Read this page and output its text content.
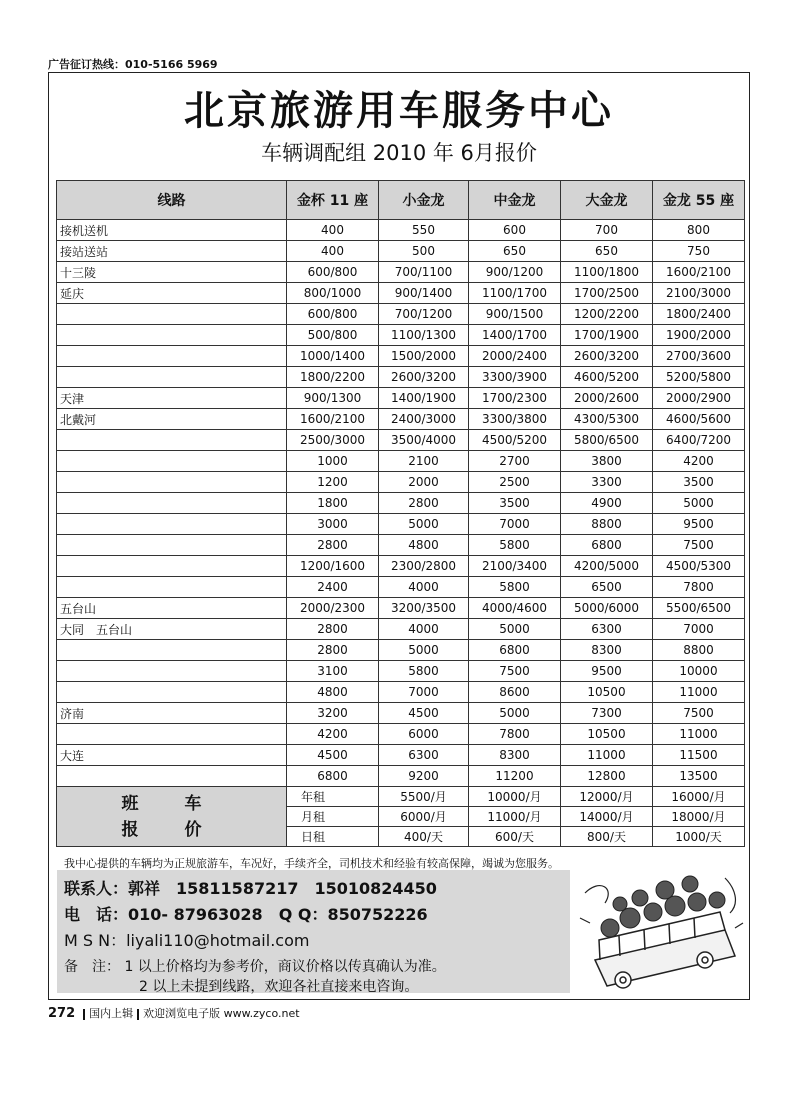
广告征订热线：010-5166 5969
北京旅游用车服务中心
车辆调配组 2010 年 6月报价
线路	金杯 11 座	小金龙	中金龙	大金龙	金龙 55 座
接机送机	400	550	600	700	800
接站送站	400	500	650	650	750
十三陵	600/800	700/1100	900/1200	1100/1800	1600/2100
延庆	800/1000	900/1400	1100/1700	1700/2500	2100/3000

	600/800	700/1200	900/1500	1200/2200	1800/2400

	500/800	1100/1300	1400/1700	1700/1900	1900/2000

	1000/1400	1500/2000	2000/2400	2600/3200	2700/3600

	1800/2200	2600/3200	3300/3900	4600/5200	5200/5800
天津	900/1300	1400/1900	1700/2300	2000/2600	2000/2900
北戴河	1600/2100	2400/3000	3300/3800	4300/5300	4600/5600

	2500/3000	3500/4000	4500/5200	5800/6500	6400/7200

	1000	2100	2700	3800	4200

	1200	2000	2500	3300	3500

	1800	2800	3500	4900	5000

	3000	5000	7000	8800	9500

	2800	4800	5800	6800	7500

	1200/1600	2300/2800	2100/3400	4200/5000	4500/5300

	2400	4000	5800	6500	7800
五台山	2000/2300	3200/3500	4000/4600	5000/6000	5500/6500
大同　五台山	2800	4000	5000	6300	7000

	2800	5000	6800	8300	8800

	3100	5800	7500	9500	10000

	4800	7000	8600	10500	11000
济南	3200	4500	5000	7300	7500

	4200	6000	7800	10500	11000
大连	4500	6300	8300	11000	11500

	6800	9200	11200	12800	13500

班 车
报 价	年租	5500/月	10000/月	12000/月	16000/月
	月租	6000/月	11000/月	14000/月	18000/月
	日租	400/天	600/天	800/天	1000/天
我中心提供的车辆均为正规旅游车，车况好，手续齐全，司机技术和经验有较高保障，竭诚为您服务。
联系人：郭祥　15811587217　15010824450
电　话：010- 87963028　Q Q：850752226
M S N：liyali110@hotmail.com
备　注： 1 以上价格均为参考价，商议价格以传真确认为准。
2 以上未提到线路，欢迎各社直接来电咨询。
272 国内上辑 欢迎浏览电子版 www.zyco.net
